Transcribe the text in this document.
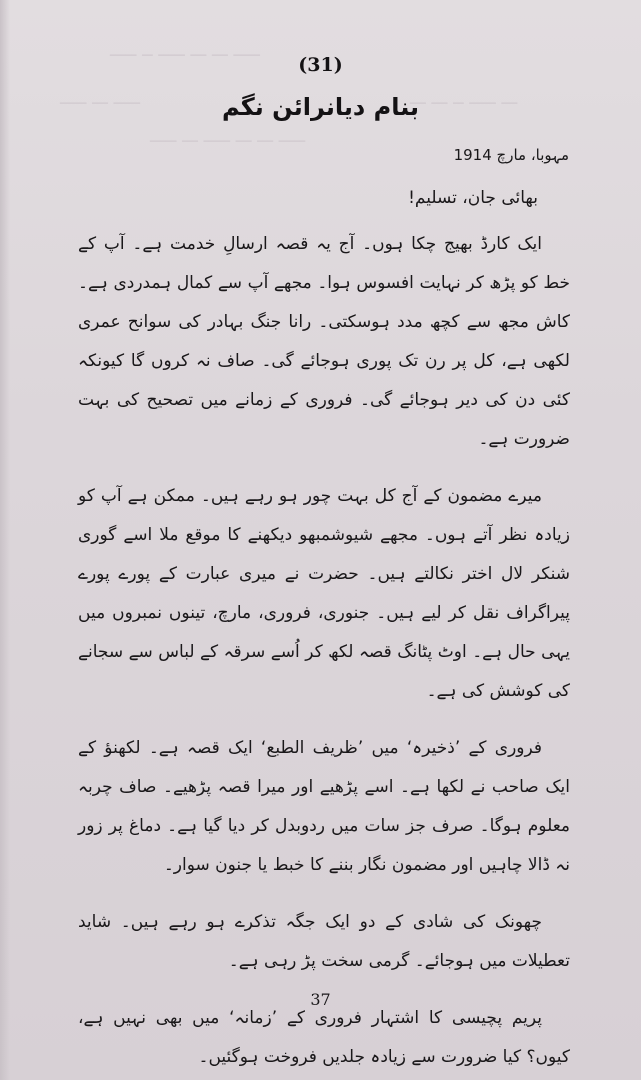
ـــــ ـــ ـــ ـــــ ــ ـــــ
ـــــ ـــ ـــــ	ـــ ـــــ ــ ـــ ـــ
ـــــ ـــ ـــ ـــــ ـــ ـــــ
(31)
بنام دیانرائن نگم
مہوبا، مارچ 1914
بھائی جان، تسلیم!

ایک کارڈ بھیج چکا ہوں۔ آج یہ قصہ ارسالِ خدمت ہے۔ آپ کے خط کو پڑھ کر نہایت افسوس ہوا۔ مجھے آپ سے کمال ہمدردی ہے۔ کاش مجھ سے کچھ مدد ہوسکتی۔ رانا جنگ بہادر کی سوانح عمری لکھی ہے، کل پر رن تک پوری ہوجائے گی۔ صاف نہ کروں گا کیونکہ کئی دن کی دیر ہوجائے گی۔ فروری کے زمانے میں تصحیح کی بہت ضرورت ہے۔

میرے مضمون کے آج کل بہت چور ہو رہے ہیں۔ ممکن ہے آپ کو زیادہ نظر آتے ہوں۔ مجھے شیوشمبھو دیکھنے کا موقع ملا اسے گوری شنکر لال اختر نکالتے ہیں۔ حضرت نے میری عبارت کے پورے پورے پیراگراف نقل کر لیے ہیں۔ جنوری، فروری، مارچ، تینوں نمبروں میں یہی حال ہے۔ اوٹ پٹانگ قصہ لکھ کر اُسے سرقہ کے لباس سے سجانے کی کوشش کی ہے۔

فروری کے ’ذخیرہ‘ میں ’ظریف الطبع‘ ایک قصہ ہے۔ لکھنؤ کے ایک صاحب نے لکھا ہے۔ اسے پڑھیے اور میرا قصہ پڑھیے۔ صاف چربہ معلوم ہوگا۔ صرف جز سات میں ردوبدل کر دیا گیا ہے۔ دماغ پر زور نہ ڈالا چاہیں اور مضمون نگار بننے کا خبط یا جنون سوار۔

چھونک کی شادی کے دو ایک جگہ تذکرے ہو رہے ہیں۔ شاید تعطیلات میں ہوجائے۔ گرمی سخت پڑ رہی ہے۔

پریم پچیسی کا اشتہار فروری کے ’زمانہ‘ میں بھی نہیں ہے، کیوں؟ کیا ضرورت سے زیادہ جلدیں فروخت ہوگئیں۔

37
